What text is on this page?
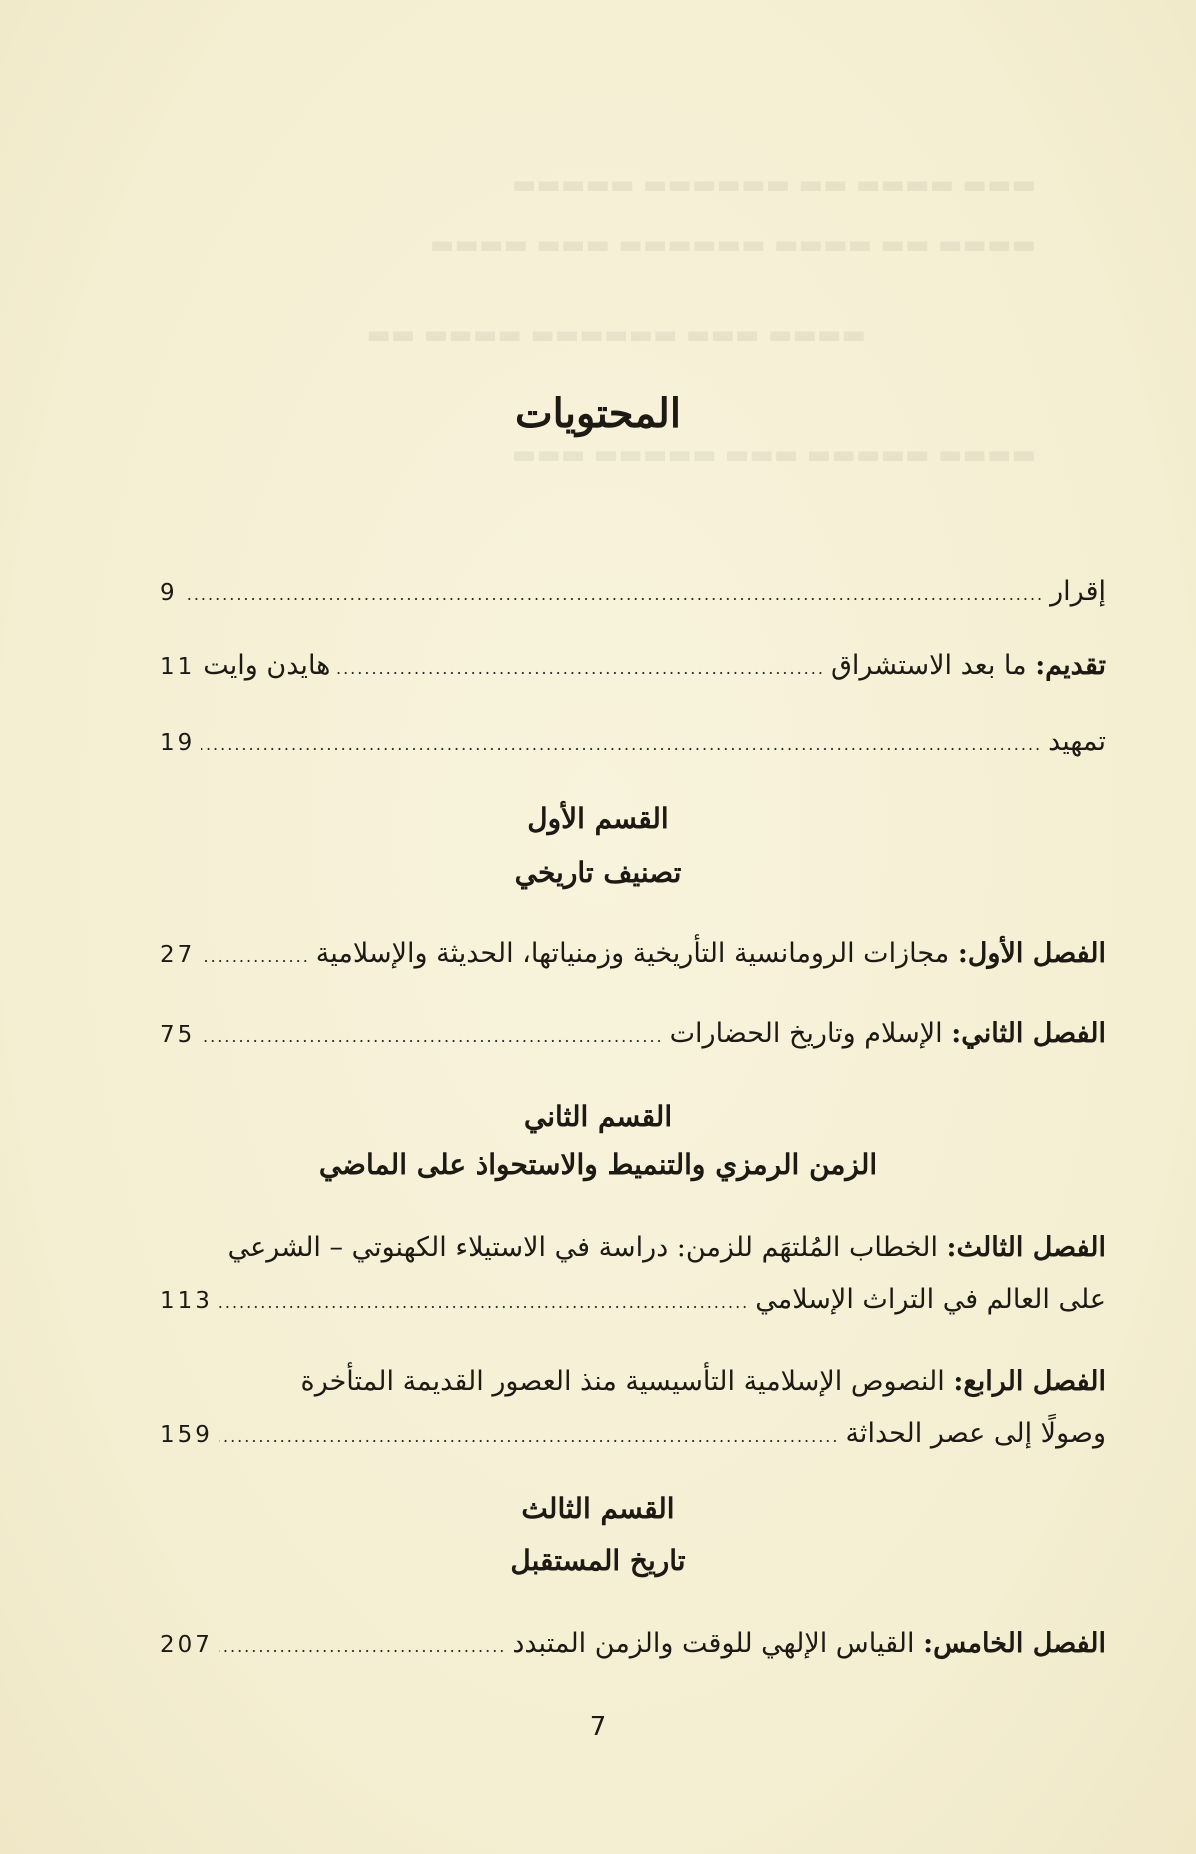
▬▬▬ ▬▬▬▬ ▬▬ ▬▬▬▬▬▬ ▬▬▬▬▬
▬▬▬▬ ▬▬ ▬▬▬▬ ▬▬▬▬▬▬ ▬▬▬ ▬▬▬▬
▬▬▬▬ ▬▬▬ ▬▬▬▬▬▬ ▬▬▬▬ ▬▬
▬▬▬▬ ▬▬▬▬▬ ▬▬▬ ▬▬▬▬▬ ▬▬▬
المحتويات
إقرار
.....
9
تقديم: ما بعد الاستشراق
.....
هايدن وايت
11
تمهيد
.....
19
القسم الأول
تصنيف تاريخي
الفصل الأول: مجازات الرومانسية التأريخية وزمنياتها، الحديثة والإسلامية
.....
27
الفصل الثاني: الإسلام وتاريخ الحضارات
.....
75
القسم الثاني
الزمن الرمزي والتنميط والاستحواذ على الماضي
الفصل الثالث: الخطاب المُلتهَم للزمن: دراسة في الاستيلاء الكهنوتي – الشرعي
على العالم في التراث الإسلامي
.....
113
الفصل الرابع: النصوص الإسلامية التأسيسية منذ العصور القديمة المتأخرة
وصولًا إلى عصر الحداثة
.....
159
القسم الثالث
تاريخ المستقبل
الفصل الخامس: القياس الإلهي للوقت والزمن المتبدد
.....
207
7
